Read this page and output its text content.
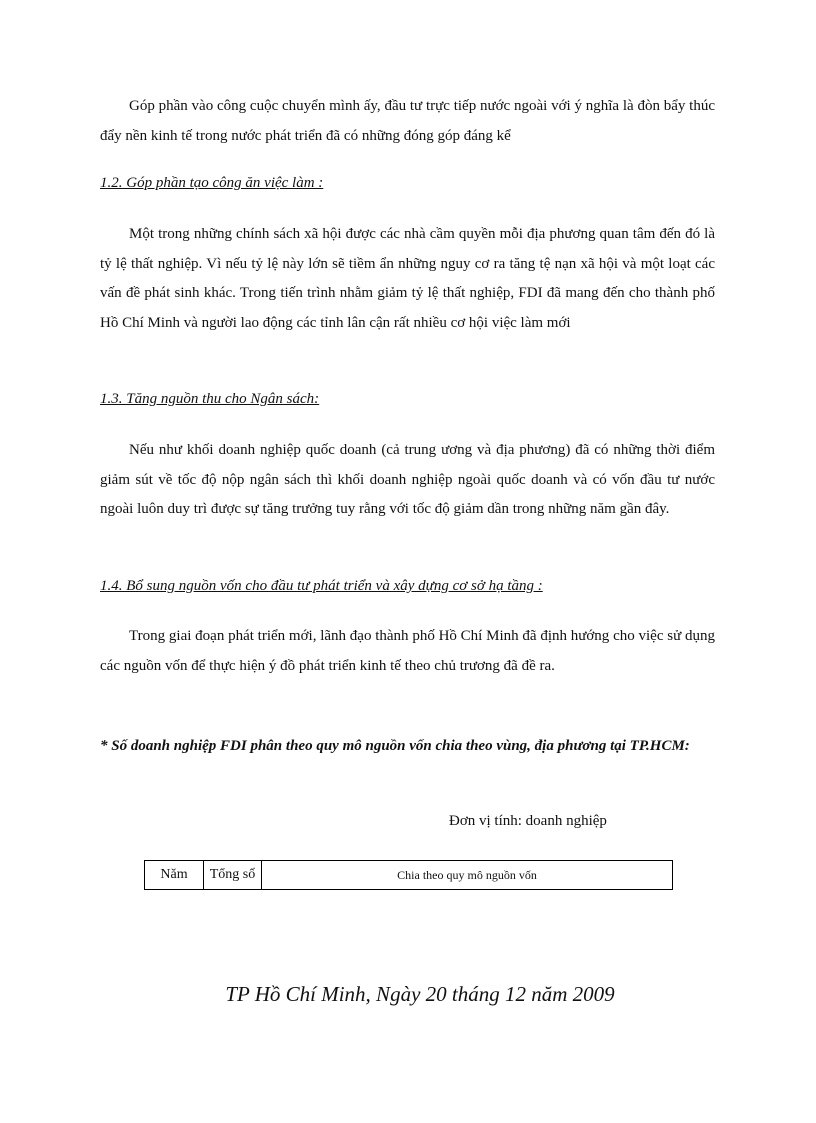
Góp phần vào công cuộc chuyển mình ấy, đầu tư trực tiếp nước ngoài với ý nghĩa là đòn bẩy thúc đẩy nền kinh tế trong nước phát triển đã có những đóng góp đáng kể

1.2. Góp phần tạo công ăn việc làm :

Một trong những chính sách xã hội được các nhà cầm quyền mỗi địa phương quan tâm đến đó là tỷ lệ thất nghiệp. Vì nếu tỷ lệ này lớn sẽ tiềm ẩn những nguy cơ ra tăng tệ nạn xã hội và một loạt các vấn đề phát sinh khác. Trong tiến trình nhằm giảm tỷ lệ thất nghiệp, FDI đã mang đến cho thành phố Hồ Chí Minh và người lao động các tỉnh lân cận rất nhiều cơ hội việc làm mới

1.3. Tăng nguồn thu cho Ngân sách:

Nếu như khối doanh nghiệp quốc doanh (cả trung ương và địa phương) đã có những thời điểm giảm sút về tốc độ nộp ngân sách thì khối doanh nghiệp ngoài quốc doanh và có vốn đầu tư nước ngoài luôn duy trì được sự tăng trưởng tuy rằng với tốc độ giảm dần trong những năm gần đây.

1.4. Bổ sung nguồn vốn cho đầu tư phát triển và xây dựng cơ sở hạ tầng :

Trong giai đoạn phát triển mới, lãnh đạo thành phố Hồ Chí Minh đã định hướng cho việc sử dụng các nguồn vốn để thực hiện ý đồ phát triển kinh tế theo chủ trương đã đề ra.

* Số doanh nghiệp FDI phân theo quy mô nguồn vốn chia theo vùng, địa phương tại TP.HCM:

Đơn vị tính: doanh nghiệp

Năm	Tổng số	Chia theo quy mô nguồn vốn

TP Hồ Chí Minh, Ngày 20 tháng 12 năm 2009
